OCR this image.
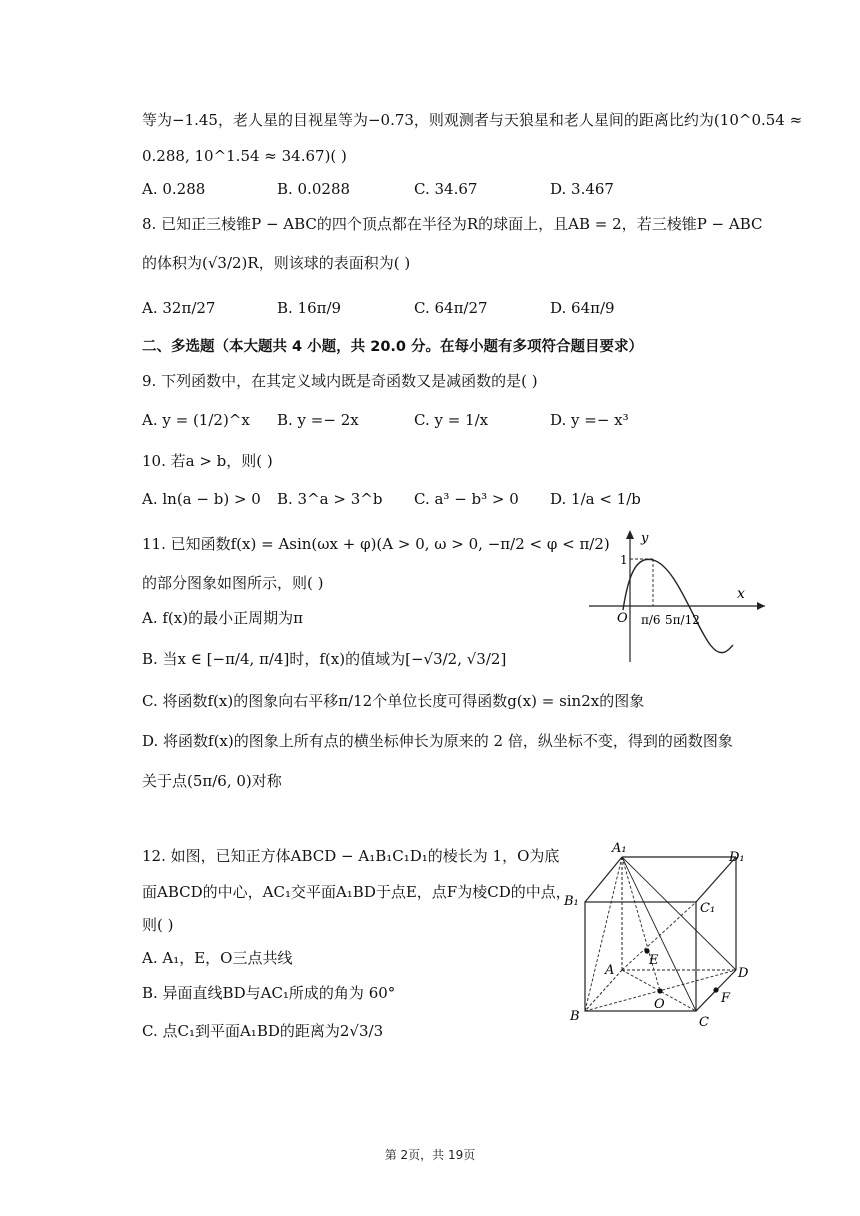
等为−1.45，老人星的目视星等为−0.73，则观测者与天狼星和老人星间的距离比约为(10^0.54 ≈
0.288, 10^1.54 ≈ 34.67)( )
A. 0.288	B. 0.0288	C. 34.67	D. 3.467
8. 已知正三棱锥P − ABC的四个顶点都在半径为R的球面上，且AB = 2，若三棱锥P − ABC
的体积为(√3/2)R，则该球的表面积为( )
A. 32π/27	B. 16π/9	C. 64π/27	D. 64π/9
二、多选题（本大题共 4 小题，共 20.0 分。在每小题有多项符合题目要求）
9. 下列函数中，在其定义域内既是奇函数又是减函数的是( )
A. y = (1/2)^x B. y =− 2x	C. y = 1/x	D. y =− x³
10. 若a > b，则( )
A. ln(a − b) > 0 B. 3^a > 3^b C. a³ − b³ > 0 D. 1/a < 1/b
11. 已知函数f(x) = Asin(ωx + φ)(A > 0, ω > 0, −π/2 < φ < π/2)
的部分图象如图所示，则( )
A. f(x)的最小正周期为π
B. 当x ∈ [−π/4, π/4]时，f(x)的值域为[−√3/2, √3/2]
C. 将函数f(x)的图象向右平移π/12个单位长度可得函数g(x) = sin2x的图象
D. 将函数f(x)的图象上所有点的横坐标伸长为原来的 2 倍，纵坐标不变，得到的函数图象
关于点(5π/6, 0)对称
y
x
O
1
π/6 5π/12
12. 如图，已知正方体ABCD − A₁B₁C₁D₁的棱长为 1，O为底
面ABCD的中心，AC₁交平面A₁BD于点E，点F为棱CD的中点，
则( )
A. A₁，E，O三点共线
B. 异面直线BD与AC₁所成的角为 60°
C. 点C₁到平面A₁BD的距离为2√3/3
A₁
D₁
B₁	C₁
A	D
B	C
E
O	F
第 2页，共 19页
